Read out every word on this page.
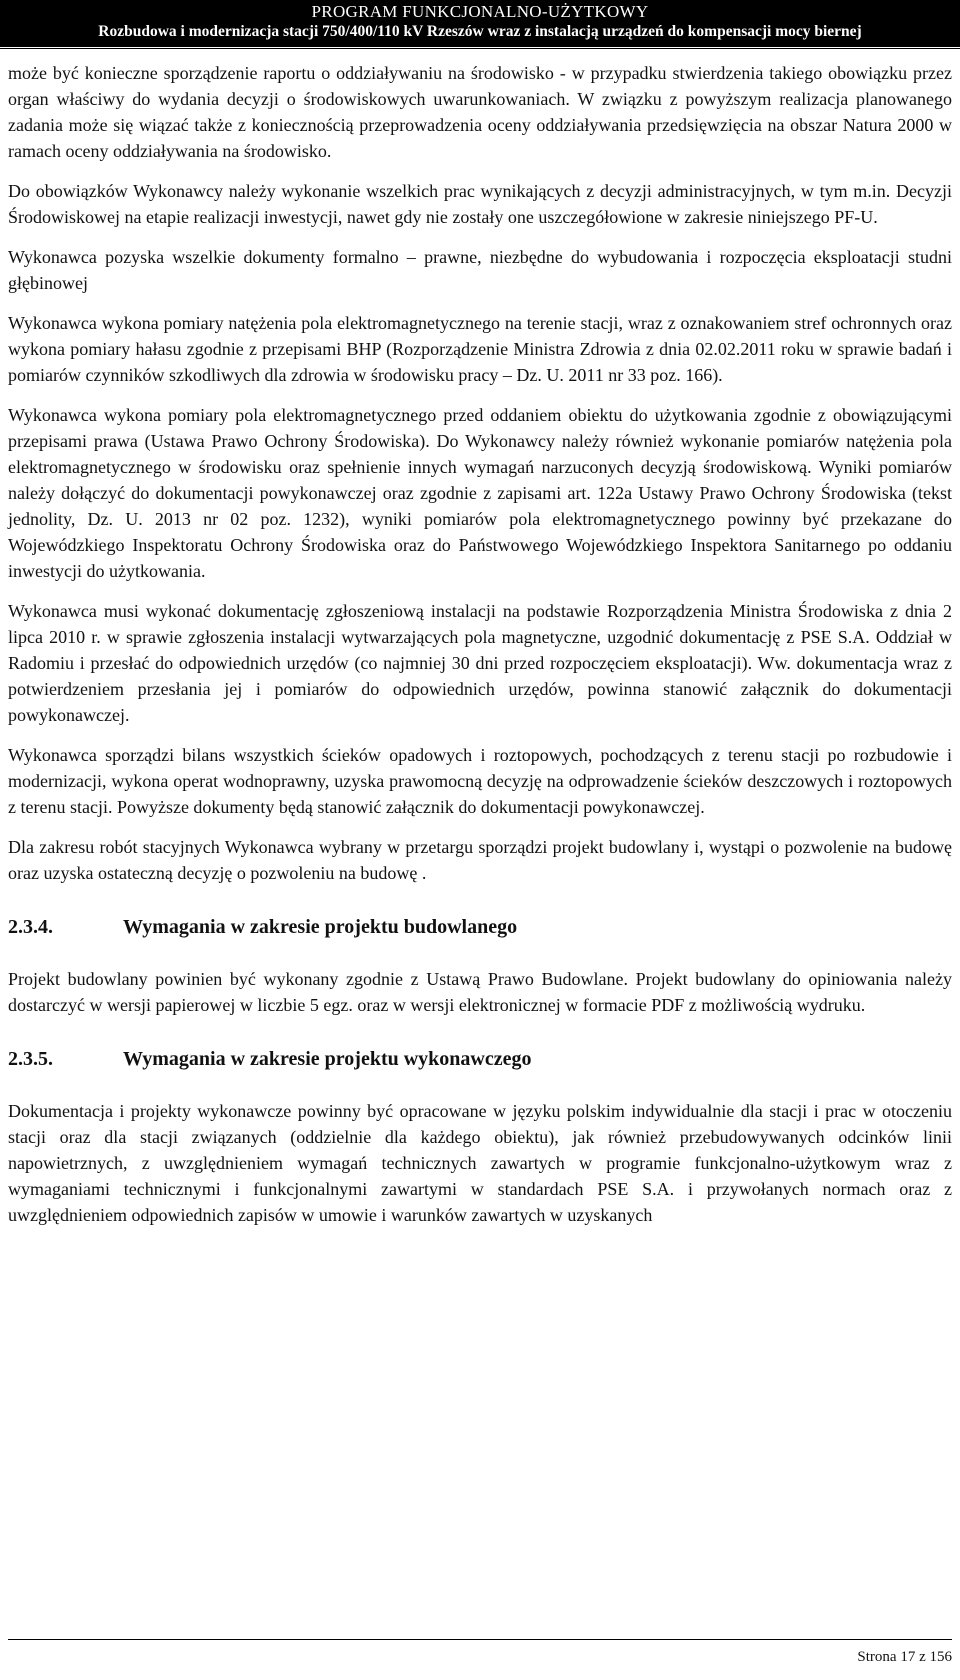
PROGRAM FUNKCJONALNO-UŻYTKOWY
Rozbudowa i modernizacja stacji 750/400/110 kV Rzeszów wraz z instalacją urządzeń do kompensacji mocy biernej

może być konieczne sporządzenie raportu o oddziaływaniu na środowisko - w przypadku stwierdzenia takiego obowiązku przez organ właściwy do wydania decyzji o środowiskowych uwarunkowaniach. W związku z powyższym realizacja planowanego zadania może się wiązać także z koniecznością przeprowadzenia oceny oddziaływania przedsięwzięcia na obszar Natura 2000 w ramach oceny oddziaływania na środowisko.

Do obowiązków Wykonawcy należy wykonanie wszelkich prac wynikających z decyzji administracyjnych, w tym m.in. Decyzji Środowiskowej na etapie realizacji inwestycji, nawet gdy nie zostały one uszczegółowione w zakresie niniejszego PF-U.

Wykonawca pozyska wszelkie dokumenty formalno – prawne, niezbędne do wybudowania i rozpoczęcia eksploatacji studni głębinowej

Wykonawca wykona pomiary natężenia pola elektromagnetycznego na terenie stacji, wraz z oznakowaniem stref ochronnych oraz wykona pomiary hałasu zgodnie z przepisami BHP (Rozporządzenie Ministra Zdrowia z dnia 02.02.2011 roku w sprawie badań i pomiarów czynników szkodliwych dla zdrowia w środowisku pracy – Dz. U. 2011 nr 33 poz. 166).

Wykonawca wykona pomiary pola elektromagnetycznego przed oddaniem obiektu do użytkowania zgodnie z obowiązującymi przepisami prawa (Ustawa Prawo Ochrony Środowiska). Do Wykonawcy należy również wykonanie pomiarów natężenia pola elektromagnetycznego w środowisku oraz spełnienie innych wymagań narzuconych decyzją środowiskową. Wyniki pomiarów należy dołączyć do dokumentacji powykonawczej oraz zgodnie z zapisami art. 122a Ustawy Prawo Ochrony Środowiska (tekst jednolity, Dz. U. 2013 nr 02 poz. 1232), wyniki pomiarów pola elektromagnetycznego powinny być przekazane do Wojewódzkiego Inspektoratu Ochrony Środowiska oraz do Państwowego Wojewódzkiego Inspektora Sanitarnego po oddaniu inwestycji do użytkowania.

Wykonawca musi wykonać dokumentację zgłoszeniową instalacji na podstawie Rozporządzenia Ministra Środowiska z dnia 2 lipca 2010 r. w sprawie zgłoszenia instalacji wytwarzających pola magnetyczne, uzgodnić dokumentację z PSE S.A. Oddział w Radomiu i przesłać do odpowiednich urzędów (co najmniej 30 dni przed rozpoczęciem eksploatacji). Ww. dokumentacja wraz z potwierdzeniem przesłania jej i pomiarów do odpowiednich urzędów, powinna stanowić załącznik do dokumentacji powykonawczej.

Wykonawca sporządzi bilans wszystkich ścieków opadowych i roztopowych, pochodzących z terenu stacji po rozbudowie i modernizacji, wykona operat wodnoprawny, uzyska prawomocną decyzję na odprowadzenie ścieków deszczowych i roztopowych z terenu stacji. Powyższe dokumenty będą stanowić załącznik do dokumentacji powykonawczej.

Dla zakresu robót stacyjnych Wykonawca wybrany w przetargu sporządzi projekt budowlany i, wystąpi o pozwolenie na budowę oraz uzyska ostateczną decyzję o pozwoleniu na budowę .

2.3.4.	Wymagania w zakresie projektu budowlanego

Projekt budowlany powinien być wykonany zgodnie z Ustawą Prawo Budowlane. Projekt budowlany do opiniowania należy dostarczyć w wersji papierowej w liczbie 5 egz. oraz w wersji elektronicznej w formacie PDF z możliwością wydruku.

2.3.5.	Wymagania w zakresie projektu wykonawczego

Dokumentacja i projekty wykonawcze powinny być opracowane w języku polskim indywidualnie dla stacji i prac w otoczeniu stacji oraz dla stacji związanych (oddzielnie dla każdego obiektu), jak również przebudowywanych odcinków linii napowietrznych, z uwzględnieniem wymagań technicznych zawartych w programie funkcjonalno-użytkowym wraz z wymaganiami technicznymi i funkcjonalnymi zawartymi w standardach PSE S.A. i przywołanych normach oraz z uwzględnieniem odpowiednich zapisów w umowie i warunków zawartych w uzyskanych

Strona 17 z 156
